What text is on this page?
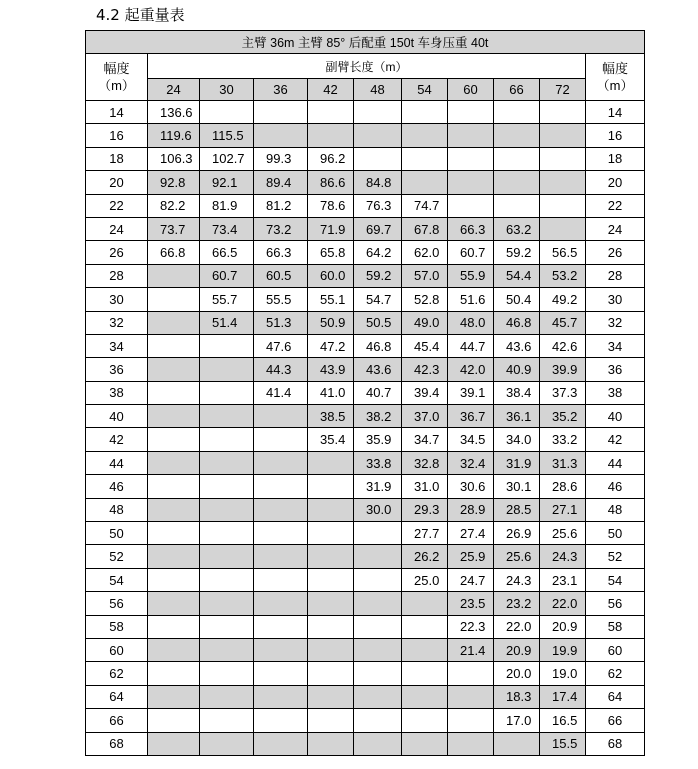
4.2 起重量表
主臂 36m 主臂 85° 后配重 150t 车身压重 40t										
幅度
（m）	副臂长度（m）									幅度
（m）
	24	30	36	42	48	54	60	66	72	
14	136.6									14
16	119.6	115.5								16
18	106.3	102.7	99.3	96.2						18
20	92.8	92.1	89.4	86.6	84.8					20
22	82.2	81.9	81.2	78.6	76.3	74.7				22
24	73.7	73.4	73.2	71.9	69.7	67.8	66.3	63.2		24
26	66.8	66.5	66.3	65.8	64.2	62.0	60.7	59.2	56.5	26
28		60.7	60.5	60.0	59.2	57.0	55.9	54.4	53.2	28
30		55.7	55.5	55.1	54.7	52.8	51.6	50.4	49.2	30
32		51.4	51.3	50.9	50.5	49.0	48.0	46.8	45.7	32
34			47.6	47.2	46.8	45.4	44.7	43.6	42.6	34
36			44.3	43.9	43.6	42.3	42.0	40.9	39.9	36
38			41.4	41.0	40.7	39.4	39.1	38.4	37.3	38
40				38.5	38.2	37.0	36.7	36.1	35.2	40
42				35.4	35.9	34.7	34.5	34.0	33.2	42
44					33.8	32.8	32.4	31.9	31.3	44
46					31.9	31.0	30.6	30.1	28.6	46
48					30.0	29.3	28.9	28.5	27.1	48
50						27.7	27.4	26.9	25.6	50
52						26.2	25.9	25.6	24.3	52
54						25.0	24.7	24.3	23.1	54
56							23.5	23.2	22.0	56
58							22.3	22.0	20.9	58
60							21.4	20.9	19.9	60
62								20.0	19.0	62
64								18.3	17.4	64
66								17.0	16.5	66
68									15.5	68
